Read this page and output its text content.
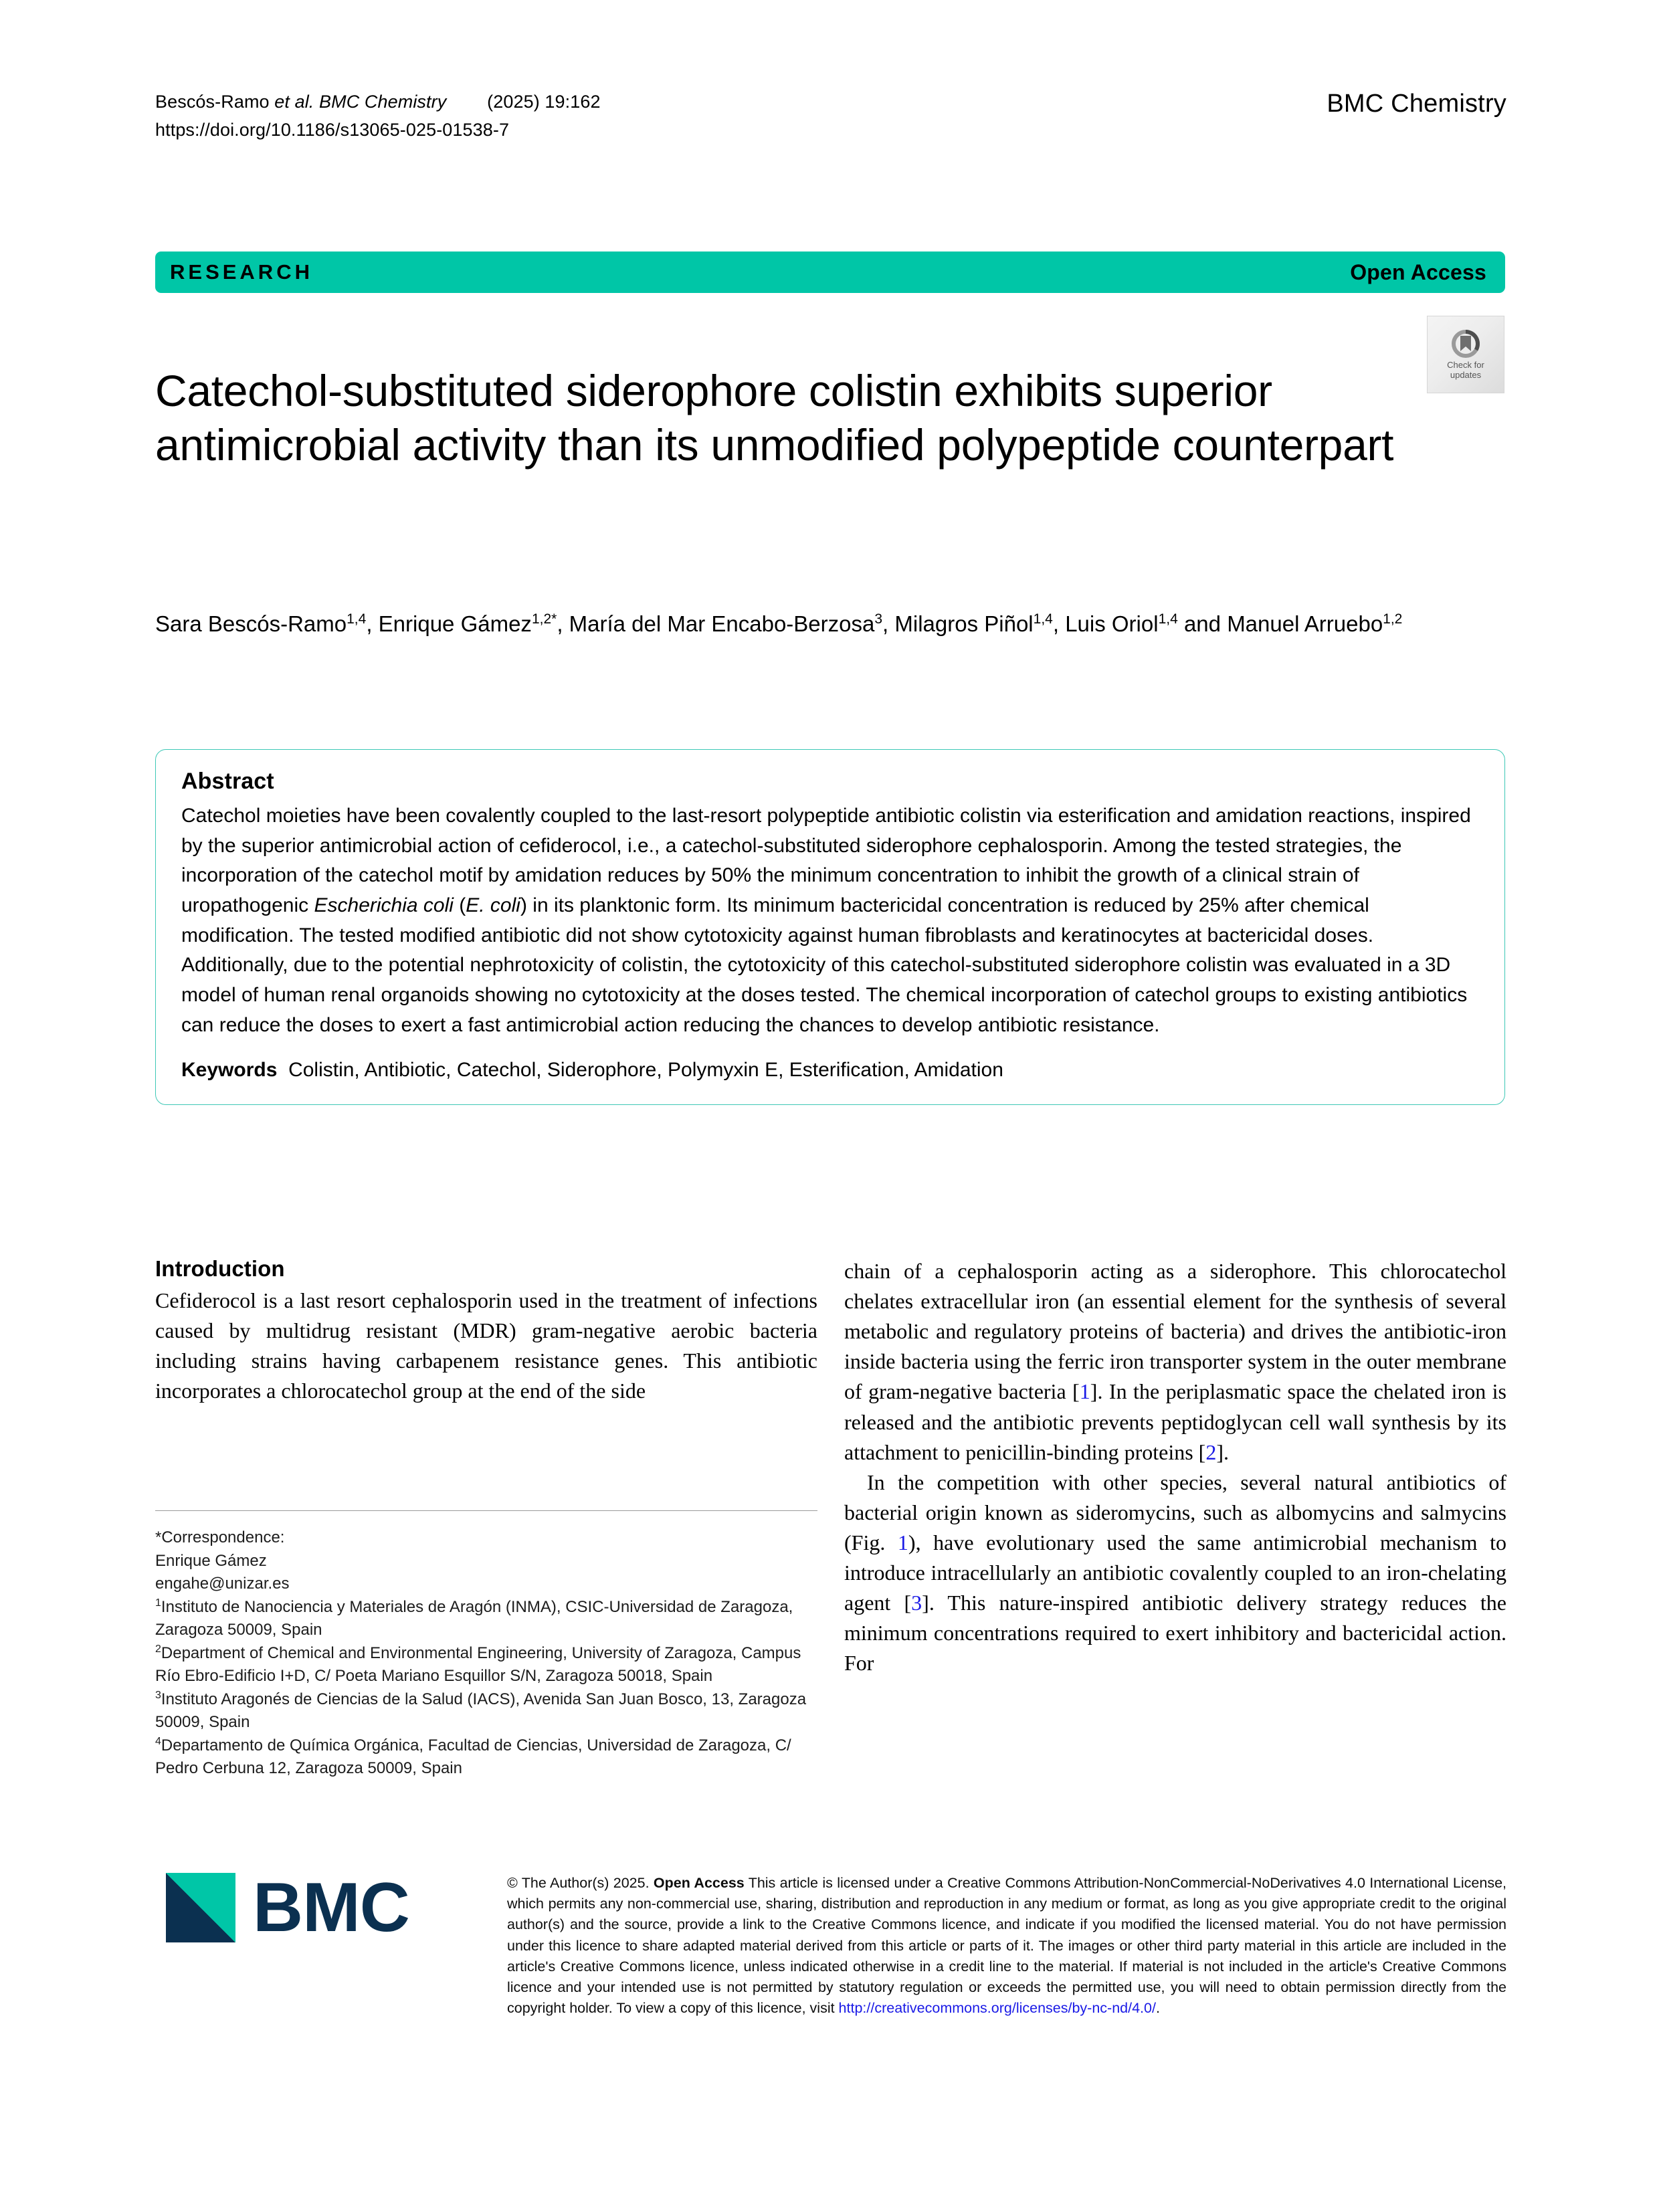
Bescós-Ramo et al. BMC Chemistry        (2025) 19:162
https://doi.org/10.1186/s13065-025-01538-7
BMC Chemistry
RESEARCH	Open Access
Catechol-substituted siderophore colistin exhibits superior antimicrobial activity than its unmodified polypeptide counterpart
Check for
updates
Sara Bescós-Ramo$^{1,4}$, Enrique Gámez$^{1,2*}$, María del Mar Encabo-Berzosa$^3$, Milagros Piñol$^{1,4}$, Luis Oriol$^{1,4}$ and Manuel Arruebo$^{1,2}$
Abstract

Catechol moieties have been covalently coupled to the last-resort polypeptide antibiotic colistin via esterification and amidation reactions, inspired by the superior antimicrobial action of cefiderocol, i.e., a catechol-substituted siderophore cephalosporin. Among the tested strategies, the incorporation of the catechol motif by amidation reduces by 50% the minimum concentration to inhibit the growth of a clinical strain of uropathogenic Escherichia coli (E. coli) in its planktonic form. Its minimum bactericidal concentration is reduced by 25% after chemical modification. The tested modified antibiotic did not show cytotoxicity against human fibroblasts and keratinocytes at bactericidal doses. Additionally, due to the potential nephrotoxicity of colistin, the cytotoxicity of this catechol-substituted siderophore colistin was evaluated in a 3D model of human renal organoids showing no cytotoxicity at the doses tested. The chemical incorporation of catechol groups to existing antibiotics can reduce the doses to exert a fast antimicrobial action reducing the chances to develop antibiotic resistance.

Keywords Colistin, Antibiotic, Catechol, Siderophore, Polymyxin E, Esterification, Amidation
Introduction

Cefiderocol is a last resort cephalosporin used in the treatment of infections caused by multidrug resistant (MDR) gram-negative aerobic bacteria including strains having carbapenem resistance genes. This antibiotic incorporates a chlorocatechol group at the end of the side

chain of a cephalosporin acting as a siderophore. This chlorocatechol chelates extracellular iron (an essential element for the synthesis of several metabolic and regulatory proteins of bacteria) and drives the antibiotic-iron inside bacteria using the ferric iron transporter system in the outer membrane of gram-negative bacteria [1]. In the periplasmatic space the chelated iron is released and the antibiotic prevents peptidoglycan cell wall synthesis by its attachment to penicillin-binding proteins [2].

In the competition with other species, several natural antibiotics of bacterial origin known as sideromycins, such as albomycins and salmycins (Fig. 1), have evolutionary used the same antimicrobial mechanism to introduce intracellularly an antibiotic covalently coupled to an iron-chelating agent [3]. This nature-inspired antibiotic delivery strategy reduces the minimum concentrations required to exert inhibitory and bactericidal action. For

*Correspondence:

Enrique Gámez

engahe@unizar.es

$^1$Instituto de Nanociencia y Materiales de Aragón (INMA), CSIC-Universidad de Zaragoza, Zaragoza 50009, Spain

$^2$Department of Chemical and Environmental Engineering, University of Zaragoza, Campus Río Ebro-Edificio I+D, C/ Poeta Mariano Esquillor S/N, Zaragoza 50018, Spain

$^3$Instituto Aragonés de Ciencias de la Salud (IACS), Avenida San Juan Bosco, 13, Zaragoza 50009, Spain

$^4$Departamento de Química Orgánica, Facultad de Ciencias, Universidad de Zaragoza, C/ Pedro Cerbuna 12, Zaragoza 50009, Spain

BMC	© The Author(s) 2025. Open Access This article is licensed under a Creative Commons Attribution-NonCommercial-NoDerivatives 4.0 International License, which permits any non-commercial use, sharing, distribution and reproduction in any medium or format, as long as you give appropriate credit to the original author(s) and the source, provide a link to the Creative Commons licence, and indicate if you modified the licensed material. You do not have permission under this licence to share adapted material derived from this article or parts of it. The images or other third party material in this article are included in the article's Creative Commons licence, unless indicated otherwise in a credit line to the material. If material is not included in the article's Creative Commons licence and your intended use is not permitted by statutory regulation or exceeds the permitted use, you will need to obtain permission directly from the copyright holder. To view a copy of this licence, visit http://creativecommons.org/licenses/by-nc-nd/4.0/.
